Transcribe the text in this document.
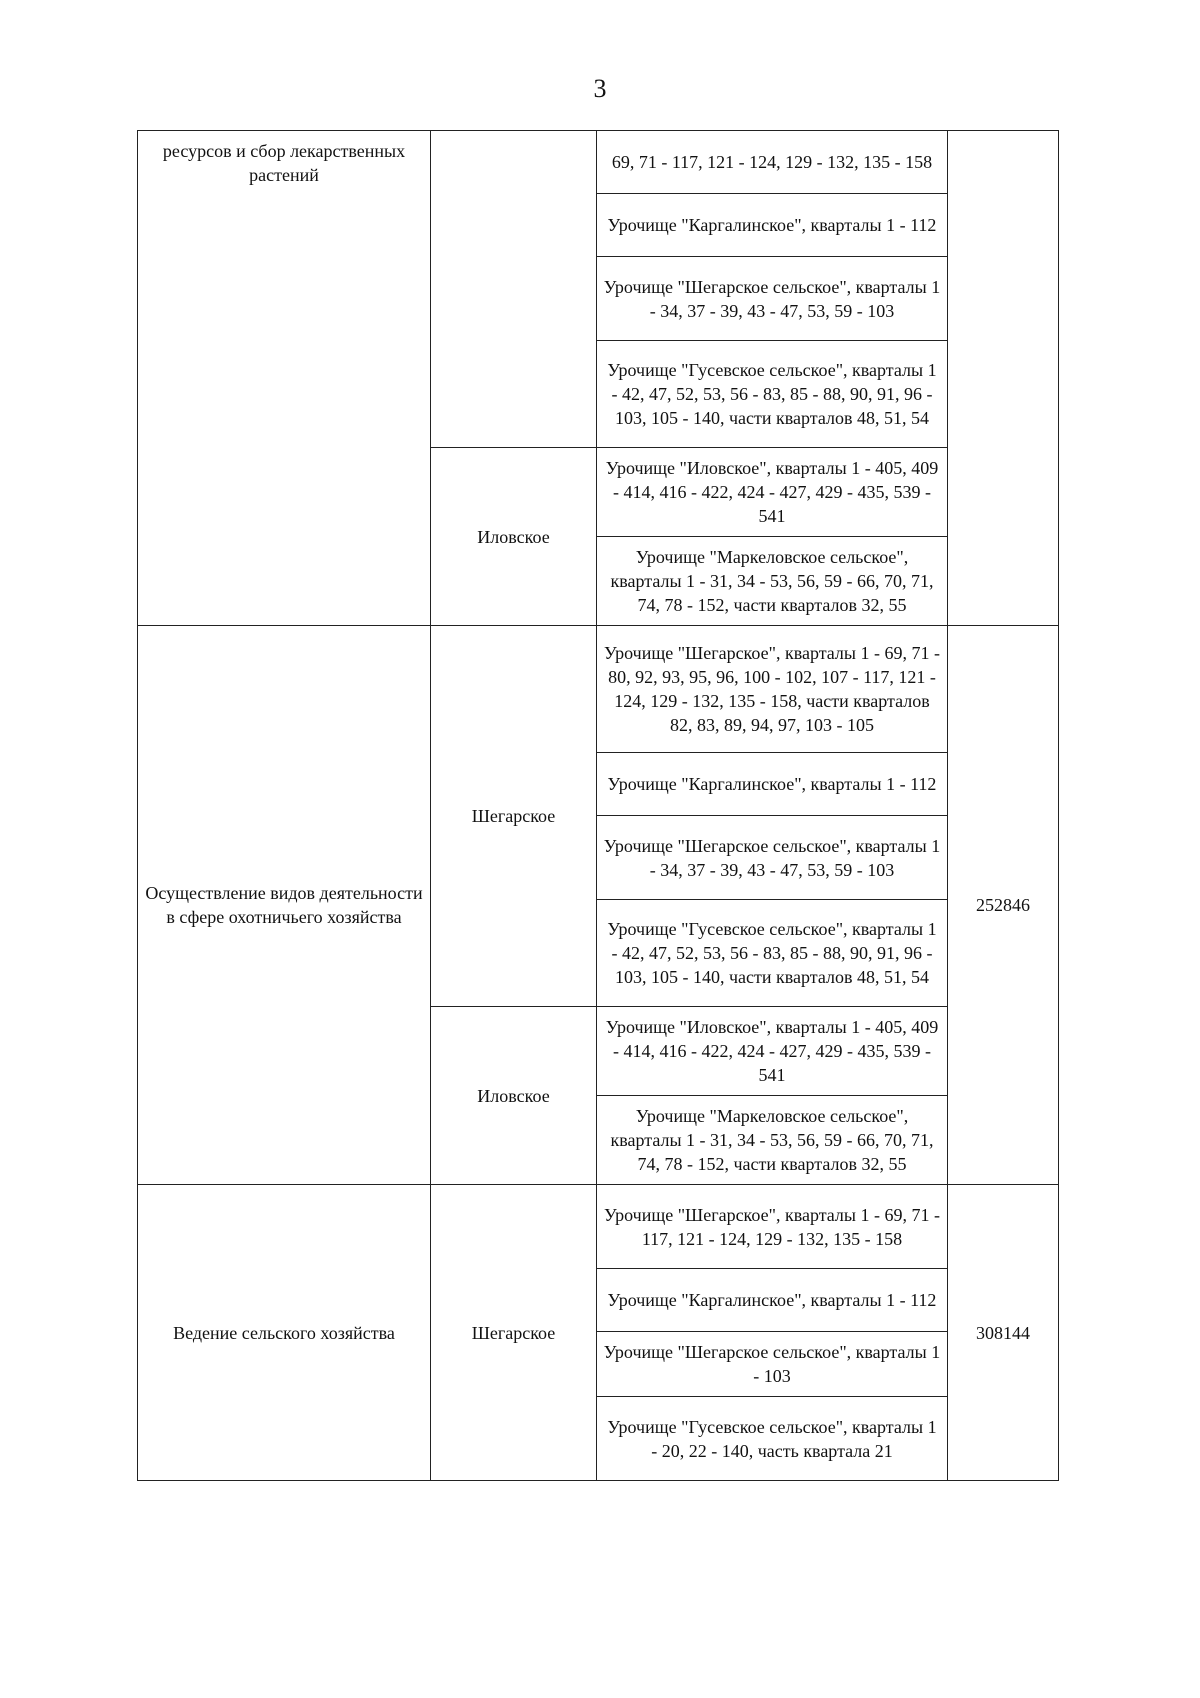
3
ресурсов и сбор лекарственных растений		69, 71 - 117, 121 - 124, 129 - 132, 135 - 158	
		Урочище "Каргалинское", кварталы 1 - 112	
		Урочище "Шегарское сельское", кварталы 1 - 34, 37 - 39, 43 - 47, 53, 59 - 103	
		Урочище "Гусевское сельское", кварталы 1 - 42, 47, 52, 53, 56 - 83, 85 - 88, 90, 91, 96 - 103, 105 - 140, части кварталов 48, 51, 54	
	Иловское	Урочище "Иловское", кварталы 1 - 405, 409 - 414, 416 - 422, 424 - 427, 429 - 435, 539 - 541	
		Урочище "Маркеловское сельское", кварталы 1 - 31, 34 - 53, 56, 59 - 66, 70, 71, 74, 78 - 152, части кварталов 32, 55	
Осуществление видов деятельности в сфере охотничьего хозяйства	Шегарское	Урочище "Шегарское", кварталы 1 - 69, 71 - 80, 92, 93, 95, 96, 100 - 102, 107 - 117, 121 - 124, 129 - 132, 135 - 158, части кварталов 82, 83, 89, 94, 97, 103 - 105	252846
		Урочище "Каргалинское", кварталы 1 - 112	
		Урочище "Шегарское сельское", кварталы 1 - 34, 37 - 39, 43 - 47, 53, 59 - 103	
		Урочище "Гусевское сельское", кварталы 1 - 42, 47, 52, 53, 56 - 83, 85 - 88, 90, 91, 96 - 103, 105 - 140, части кварталов 48, 51, 54	
	Иловское	Урочище "Иловское", кварталы 1 - 405, 409 - 414, 416 - 422, 424 - 427, 429 - 435, 539 - 541	
		Урочище "Маркеловское сельское", кварталы 1 - 31, 34 - 53, 56, 59 - 66, 70, 71, 74, 78 - 152, части кварталов 32, 55	
Ведение сельского хозяйства	Шегарское	Урочище "Шегарское", кварталы 1 - 69, 71 - 117, 121 - 124, 129 - 132, 135 - 158	308144
		Урочище "Каргалинское", кварталы 1 - 112	
		Урочище "Шегарское сельское", кварталы 1 - 103	
		Урочище "Гусевское сельское", кварталы 1 - 20, 22 - 140, часть квартала 21	
